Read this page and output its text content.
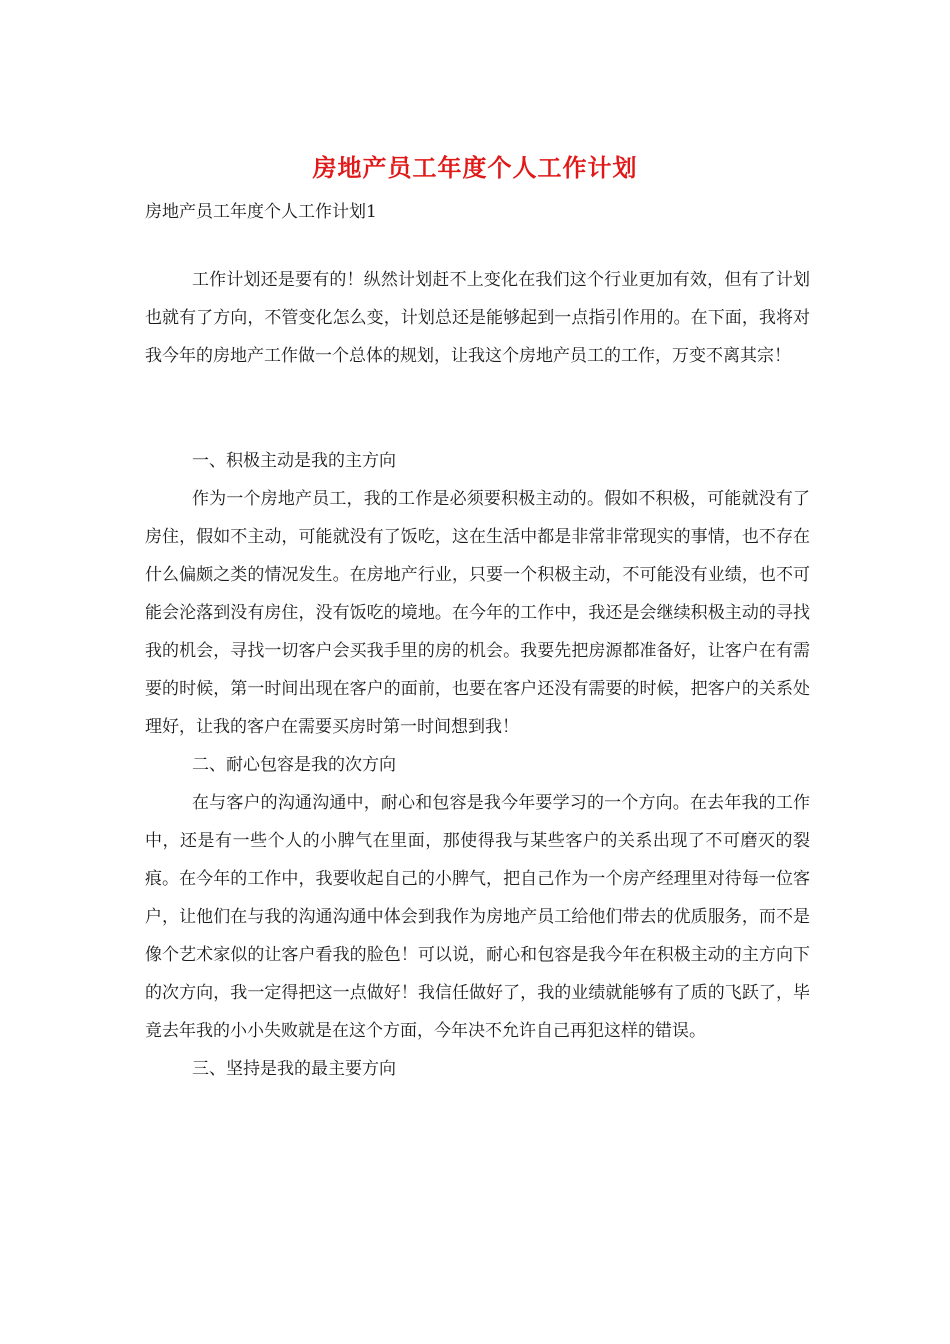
房地产员工年度个人工作计划
房地产员工年度个人工作计划1

工作计划还是要有的！纵然计划赶不上变化在我们这个行业更加有效，但有了计划也就有了方向，不管变化怎么变，计划总还是能够起到一点指引作用的。在下面，我将对我今年的房地产工作做一个总体的规划，让我这个房地产员工的工作，万变不离其宗！

一、积极主动是我的主方向

作为一个房地产员工，我的工作是必须要积极主动的。假如不积极，可能就没有了房住，假如不主动，可能就没有了饭吃，这在生活中都是非常非常现实的事情，也不存在什么偏颇之类的情况发生。在房地产行业，只要一个积极主动，不可能没有业绩，也不可能会沦落到没有房住，没有饭吃的境地。在今年的工作中，我还是会继续积极主动的寻找我的机会，寻找一切客户会买我手里的房的机会。我要先把房源都准备好，让客户在有需要的时候，第一时间出现在客户的面前，也要在客户还没有需要的时候，把客户的关系处理好，让我的客户在需要买房时第一时间想到我！

二、耐心包容是我的次方向

在与客户的沟通沟通中，耐心和包容是我今年要学习的一个方向。在去年我的工作中，还是有一些个人的小脾气在里面，那使得我与某些客户的关系出现了不可磨灭的裂痕。在今年的工作中，我要收起自己的小脾气，把自己作为一个房产经理里对待每一位客户，让他们在与我的沟通沟通中体会到我作为房地产员工给他们带去的优质服务，而不是像个艺术家似的让客户看我的脸色！可以说，耐心和包容是我今年在积极主动的主方向下的次方向，我一定得把这一点做好！我信任做好了，我的业绩就能够有了质的飞跃了，毕竟去年我的小小失败就是在这个方面，今年决不允许自己再犯这样的错误。

三、坚持是我的最主要方向
